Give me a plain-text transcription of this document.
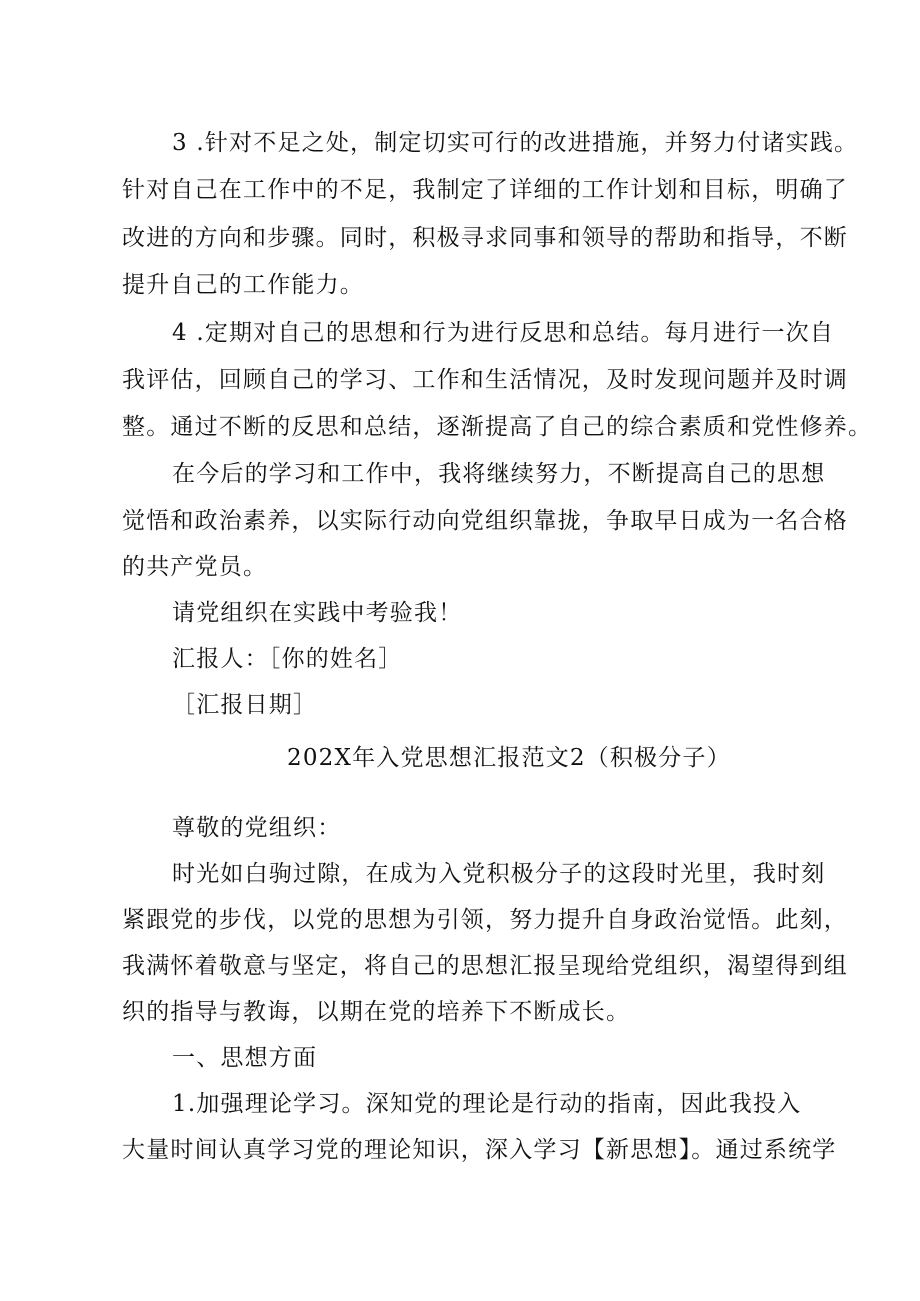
3 .针对不足之处，制定切实可行的改进措施，并努力付诸实践。
针对自己在工作中的不足，我制定了详细的工作计划和目标，明确了
改进的方向和步骤。同时，积极寻求同事和领导的帮助和指导，不断
提升自己的工作能力。
4 .定期对自己的思想和行为进行反思和总结。每月进行一次自
我评估，回顾自己的学习、工作和生活情况，及时发现问题并及时调
整。通过不断的反思和总结，逐渐提高了自己的综合素质和党性修养。
在今后的学习和工作中，我将继续努力，不断提高自己的思想
觉悟和政治素养，以实际行动向党组织靠拢，争取早日成为一名合格
的共产党员。
请党组织在实践中考验我！
汇报人：［你的姓名］
［汇报日期］
202X年入党思想汇报范文2（积极分子）
尊敬的党组织：
时光如白驹过隙，在成为入党积极分子的这段时光里，我时刻
紧跟党的步伐，以党的思想为引领，努力提升自身政治觉悟。此刻，
我满怀着敬意与坚定，将自己的思想汇报呈现给党组织，渴望得到组
织的指导与教诲，以期在党的培养下不断成长。
一、思想方面
1.加强理论学习。深知党的理论是行动的指南，因此我投入
大量时间认真学习党的理论知识，深入学习【新思想】。通过系统学
